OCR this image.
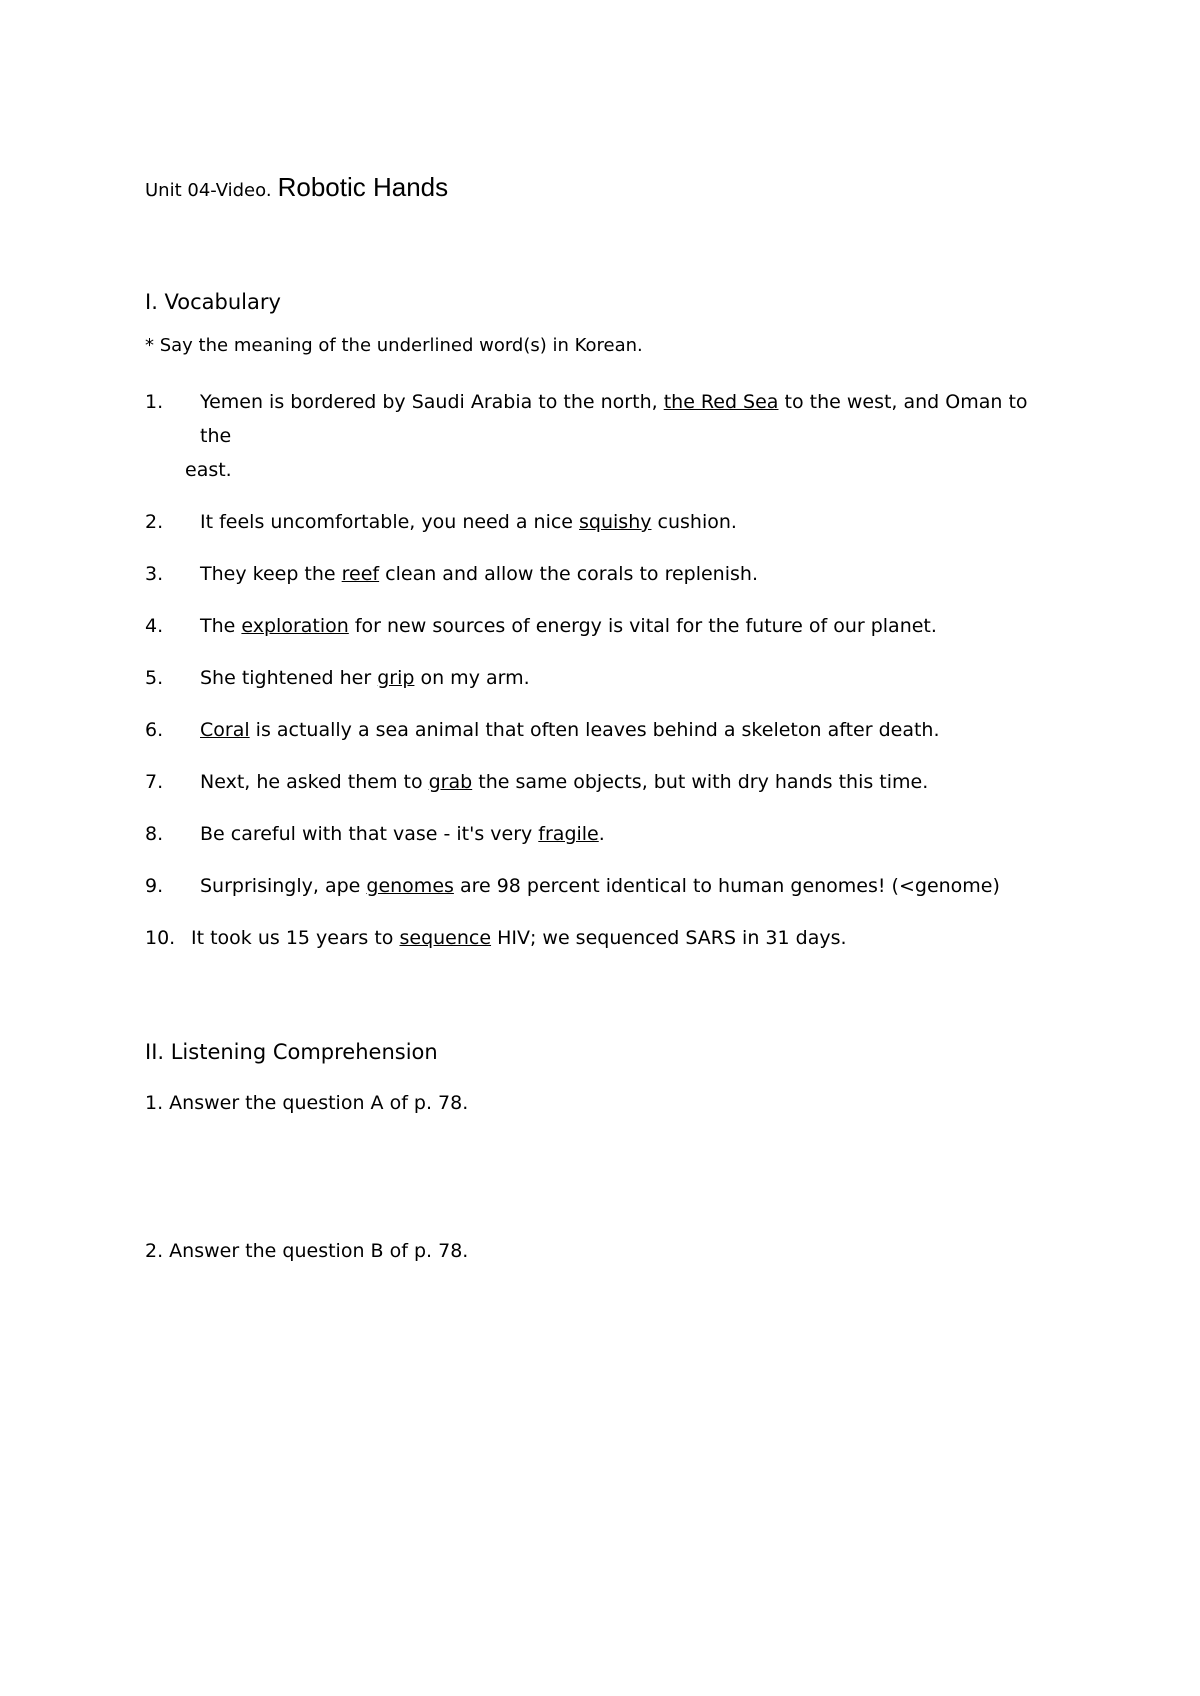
Unit 04-Video. Robotic Hands
I. Vocabulary
* Say the meaning of the underlined word(s) in Korean.
1.	Yemen is bordered by Saudi Arabia to the north, the Red Sea to the west, and Oman to the
east.
2.	It feels uncomfortable, you need a nice squishy cushion.
3.	They keep the reef clean and allow the corals to replenish.
4.	The exploration for new sources of energy is vital for the future of our planet.
5.	She tightened her grip on my arm.
6.	Coral is actually a sea animal that often leaves behind a skeleton after death.
7.	Next, he asked them to grab the same objects, but with dry hands this time.
8.	Be careful with that vase - it's very fragile.
9.	Surprisingly, ape genomes are 98 percent identical to human genomes! (<genome)
10. It took us 15 years to sequence HIV; we sequenced SARS in 31 days.
II. Listening Comprehension
1. Answer the question A of p. 78.
2. Answer the question B of p. 78.
